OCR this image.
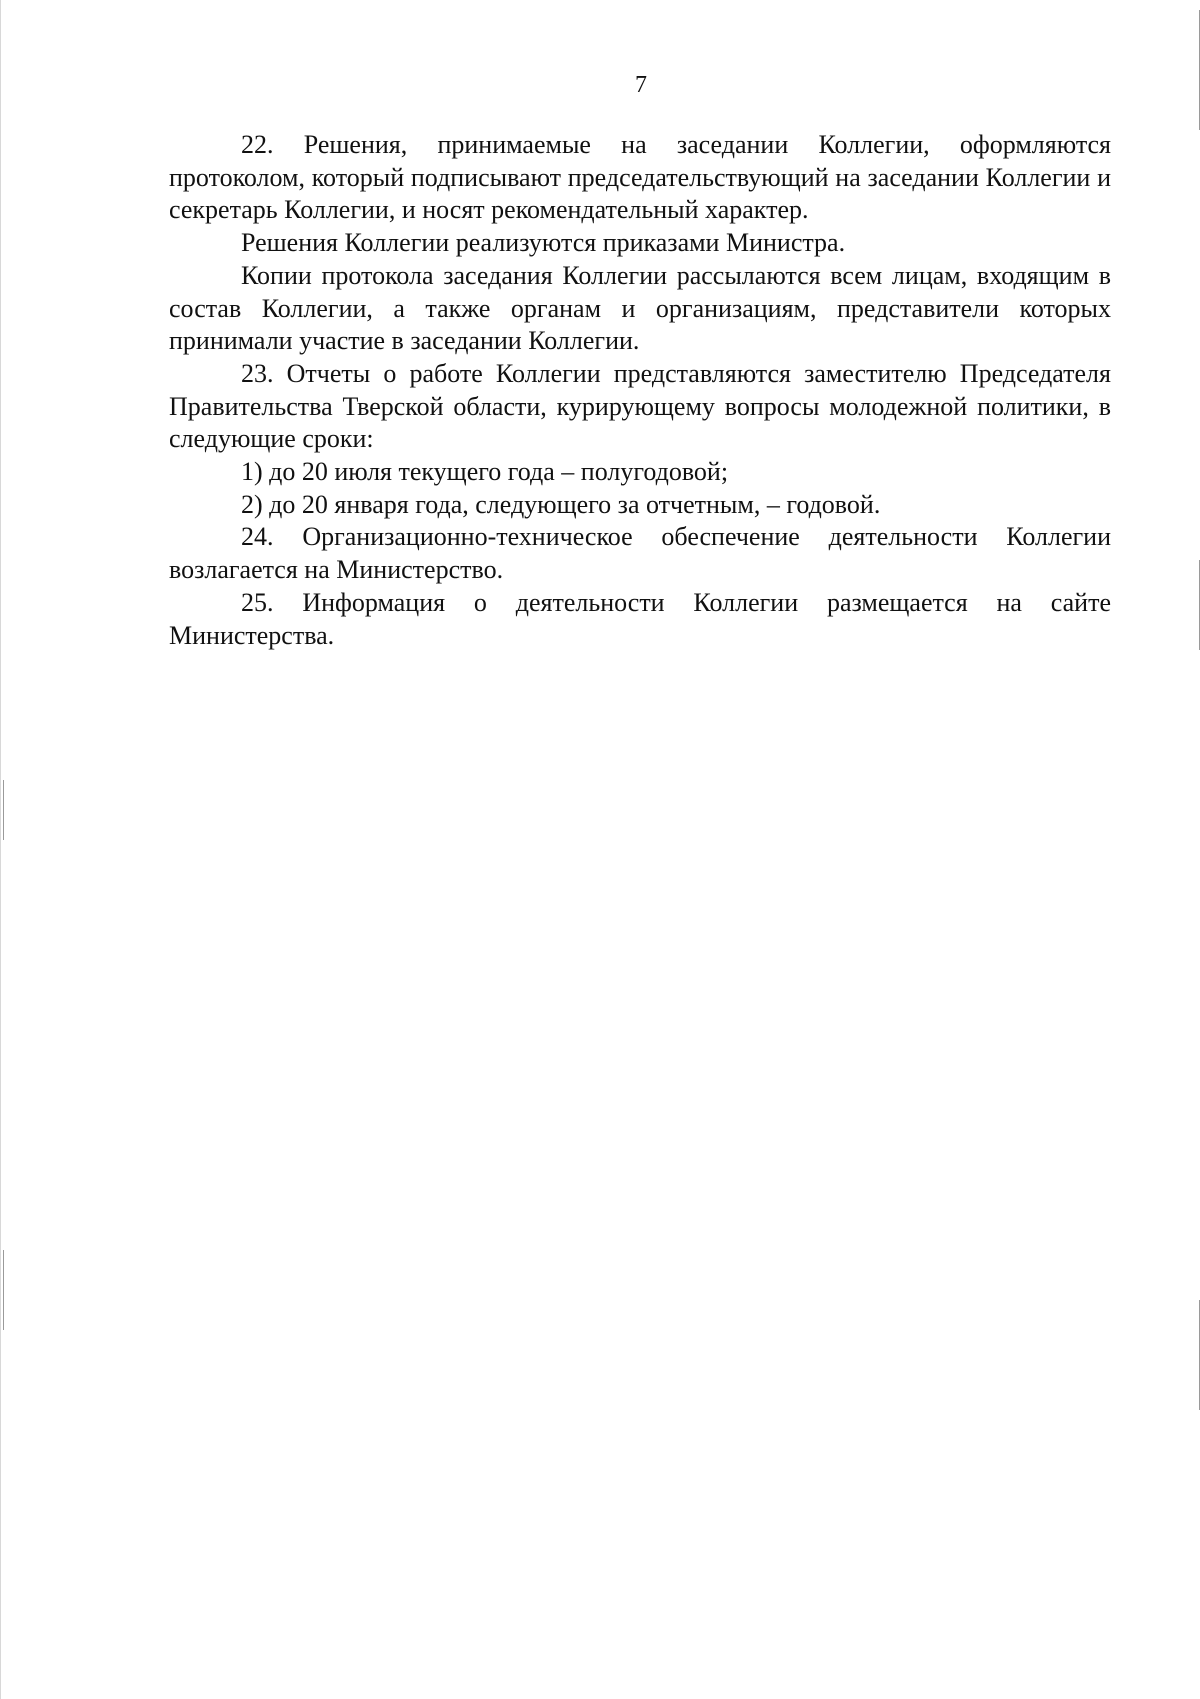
7

22. Решения, принимаемые на заседании Коллегии, оформляются протоколом, который подписывают председательствующий на заседании Коллегии и секретарь Коллегии, и носят рекомендательный характер.

Решения Коллегии реализуются приказами Министра.

Копии протокола заседания Коллегии рассылаются всем лицам, входящим в состав Коллегии, а также органам и организациям, представители которых принимали участие в заседании Коллегии.

23. Отчеты о работе Коллегии представляются заместителю Председателя Правительства Тверской области, курирующему вопросы молодежной политики, в следующие сроки:

1) до 20 июля текущего года – полугодовой;

2) до 20 января года, следующего за отчетным, – годовой.

24. Организационно-техническое обеспечение деятельности Коллегии возлагается на Министерство.

25. Информация о деятельности Коллегии размещается на сайте Министерства.
